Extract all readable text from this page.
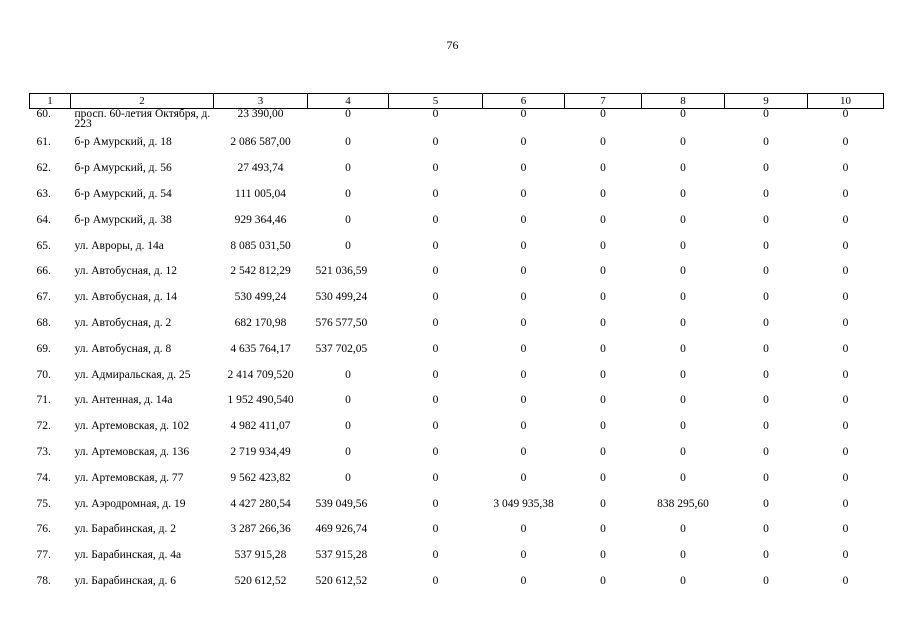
76
1	2	3	4	5	6	7	8	9	10
60.	просп. 60-летия Октября, д. 223	23 390,00	0	0	0	0	0	0	0
61.	б-р Амурский, д. 18	2 086 587,00	0	0	0	0	0	0	0
62.	б-р Амурский, д. 56	27 493,74	0	0	0	0	0	0	0
63.	б-р Амурский, д. 54	111 005,04	0	0	0	0	0	0	0
64.	б-р Амурский, д. 38	929 364,46	0	0	0	0	0	0	0
65.	ул. Авроры, д. 14а	8 085 031,50	0	0	0	0	0	0	0
66.	ул. Автобусная, д. 12	2 542 812,29	521 036,59	0	0	0	0	0	0
67.	ул. Автобусная, д. 14	530 499,24	530 499,24	0	0	0	0	0	0
68.	ул. Автобусная, д. 2	682 170,98	576 577,50	0	0	0	0	0	0
69.	ул. Автобусная, д. 8	4 635 764,17	537 702,05	0	0	0	0	0	0
70.	ул. Адмиральская, д. 25	2 414 709,520	0	0	0	0	0	0	0
71.	ул. Антенная, д. 14а	1 952 490,540	0	0	0	0	0	0	0
72.	ул. Артемовская, д. 102	4 982 411,07	0	0	0	0	0	0	0
73.	ул. Артемовская, д. 136	2 719 934,49	0	0	0	0	0	0	0
74.	ул. Артемовская, д. 77	9 562 423,82	0	0	0	0	0	0	0
75.	ул. Аэродромная, д. 19	4 427 280,54	539 049,56	0	3 049 935,38	0	838 295,60	0	0
76.	ул. Барабинская, д. 2	3 287 266,36	469 926,74	0	0	0	0	0	0
77.	ул. Барабинская, д. 4а	537 915,28	537 915,28	0	0	0	0	0	0
78.	ул. Барабинская, д. 6	520 612,52	520 612,52	0	0	0	0	0	0
